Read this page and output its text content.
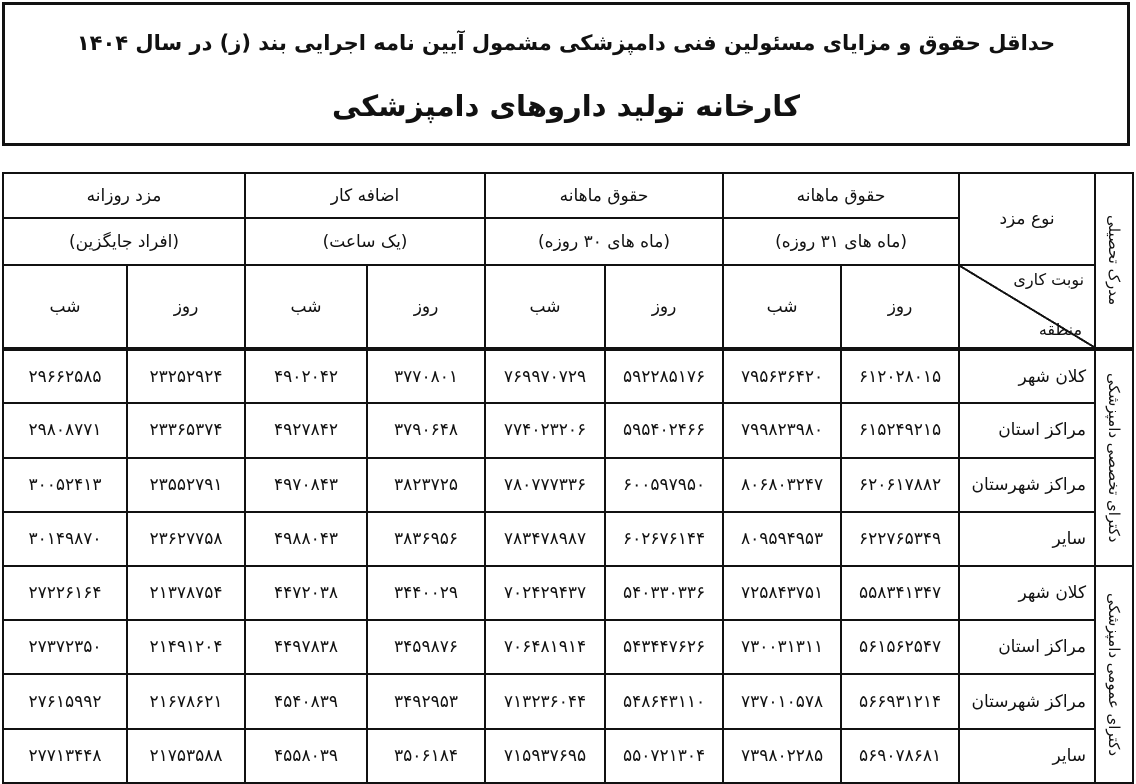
حداقل حقوق و مزایای مسئولین فنی دامپزشکی مشمول آیین نامه اجرایی بند (ز) در سال ۱۴۰۴
کارخانه تولید داروهای دامپزشکی
مدرک تحصیلی	نوع مزد	حقوق ماهانه		حقوق ماهانه		اضافه کار		مزد روزانه	
		(ماه های ۳۱ روزه)		(ماه های ۳۰ روزه)		(یک ساعت)		(افراد جایگزین)	

	نوبت کاری
منطقه	روز	شب	روز	شب	روز	شب	روز	شب
دکترای تخصصی دامپزشکی	کلان شهر	۶۱۲۰۲۸۰۱۵	۷۹۵۶۳۶۴۲۰	۵۹۲۲۸۵۱۷۶	۷۶۹۹۷۰۷۲۹	۳۷۷۰۸۰۱	۴۹۰۲۰۴۲	۲۳۲۵۲۹۲۴	۲۹۶۶۲۵۸۵
	مراکز استان	۶۱۵۲۴۹۲۱۵	۷۹۹۸۲۳۹۸۰	۵۹۵۴۰۲۴۶۶	۷۷۴۰۲۳۲۰۶	۳۷۹۰۶۴۸	۴۹۲۷۸۴۲	۲۳۳۶۵۳۷۴	۲۹۸۰۸۷۷۱
	مراکز شهرستان	۶۲۰۶۱۷۸۸۲	۸۰۶۸۰۳۲۴۷	۶۰۰۵۹۷۹۵۰	۷۸۰۷۷۷۳۳۶	۳۸۲۳۷۲۵	۴۹۷۰۸۴۳	۲۳۵۵۲۷۹۱	۳۰۰۵۲۴۱۳
	سایر	۶۲۲۷۶۵۳۴۹	۸۰۹۵۹۴۹۵۳	۶۰۲۶۷۶۱۴۴	۷۸۳۴۷۸۹۸۷	۳۸۳۶۹۵۶	۴۹۸۸۰۴۳	۲۳۶۲۷۷۵۸	۳۰۱۴۹۸۷۰
دکترای عمومی دامپزشکی	کلان شهر	۵۵۸۳۴۱۳۴۷	۷۲۵۸۴۳۷۵۱	۵۴۰۳۳۰۳۳۶	۷۰۲۴۲۹۴۳۷	۳۴۴۰۰۲۹	۴۴۷۲۰۳۸	۲۱۳۷۸۷۵۴	۲۷۲۲۶۱۶۴
	مراکز استان	۵۶۱۵۶۲۵۴۷	۷۳۰۰۳۱۳۱۱	۵۴۳۴۴۷۶۲۶	۷۰۶۴۸۱۹۱۴	۳۴۵۹۸۷۶	۴۴۹۷۸۳۸	۲۱۴۹۱۲۰۴	۲۷۳۷۲۳۵۰
	مراکز شهرستان	۵۶۶۹۳۱۲۱۴	۷۳۷۰۱۰۵۷۸	۵۴۸۶۴۳۱۱۰	۷۱۳۲۳۶۰۴۴	۳۴۹۲۹۵۳	۴۵۴۰۸۳۹	۲۱۶۷۸۶۲۱	۲۷۶۱۵۹۹۲
	سایر	۵۶۹۰۷۸۶۸۱	۷۳۹۸۰۲۲۸۵	۵۵۰۷۲۱۳۰۴	۷۱۵۹۳۷۶۹۵	۳۵۰۶۱۸۴	۴۵۵۸۰۳۹	۲۱۷۵۳۵۸۸	۲۷۷۱۳۴۴۸
